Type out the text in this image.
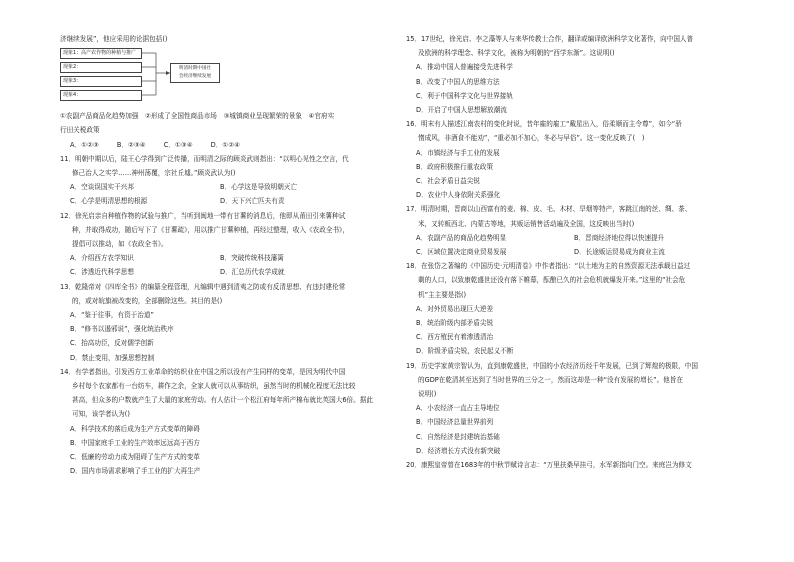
济继续发展”，他应采用的论据包括()
现象1：高产农作物的种植与推广
现象2：
现象3：
现象4：
明清时期中国社
会经济继续发展
①农副产品商品化趋势加强　②形成了全国性商品市场　③城镇商业呈现繁荣的景象　④官府实
行田关税政策
A．①②③	B．②③④	C．①③④	D．①②④
11．明朝中期以后，陆王心学得到广泛传播，而明清之际的顾炎武则指出：“以明心见性之空言，代
修己治人之实学……神州荡覆，宗社丘墟。”顾炎武认为()
A．空谈误国实干兴邦	B．心学这是导致明朝灭亡
C．心学是明清思想的根源	D．天下兴亡匹夫有责
12．徐光启亲自种植作物的试验与推广，当听到闽地一带有甘薯的消息后，他即从莆田引来薯种试
种，并取得成功，随后写下了《甘薯疏》，用以推广甘薯种植，再经过整理，收入《农政全书》，
提倡可以推动，如《农政全书》。
A．介绍西方农学知识	B．突破传统科技藩篱
C．涉透近代科学思想	D．汇总历代农学成就
13．乾隆帝对《四库全书》的编纂全程管理，凡编辑中遇到清夷之防或有反清思想、有违封建伦常
的，或对皖旗被改变的，全部删除这些。其目的是()
A．“鉴于往事，有资于治道”
B．“修书以遏邪说”，强化统治秩序
C．抬高功臣，反对儒学创新
D．禁止变用，加强思想控制
14．有学者指出，引发西方工业革命的纺织业在中国之所以没有产生同样的变革，是因为明代中国
乡村每个农家都有一台纺车，耕作之余，全家人就可以从事纺织，虽然当时的机械化程度无法比较
甚高，但众多的户数就产生了大量的家庭劳动。有人估计一个松江府每年所产棉布就比英国大6倍。据此
可知，该学者认为()
A．科学技术的落后成为生产方式变革的障碍
B．中国家庭手工业的生产效率远远高于西方
C．低廉的劳动力成为阻碍了生产方式的变革
D．国内市场需求影响了手工业的扩大再生产
15．17世纪，徐光启、李之藻等人与来华传教士合作，翻译或编译欧洲科学文化著作，向中国人普
及欧洲的科学理念、科学文化，被称为明朝的“西学东渐”。这说明()
A．推动中国人普遍接受先进科学
B．改变了中国人的思维方法
C．利于中国科学文化与世界接轨
D．开启了中国人思想解放潮流
16．明末有人描述江南农村的变化时说，昔年雇的雇工“戴星出入，俗柔顺而主令尊”，如今“骄
惰成风，非酒食不能劝”，“重必加不加心，冬必与早俗”。这一变化反映了(　)
A．市镇经济与手工业的发展
B．政府积极推行重农政策
C．社会矛盾日益尖锐
D．农业中人身依附关系强化
17．明清时期，晋商以山西富有的麦、棉、皮、毛、木材、旱烟等特产，客跳江南的丝、绸、茶、
米，又转贩西北、内蒙古等地，其贩运销售活动遍及全国，这反映出当时()
A．农副产品的商品化趋势明显	B．晋商经济地位得以快速提升
C．区域位置决定商业贸易发展	D．长途贩运贸易成为商业主流
18．在张岱之著编的《中国历史·元明清卷》中作者指出：“以土地为主的自然资源无法承载日益过
剩的人口，以致康乾盛世还没有落下帷幕，酝酿已久的社会危机就爆发开来。”这里的“社会危
机”主主要是指()
A．对外贸易出现巨大逆差
B．统治阶级内部矛盾尖锐
C．西方殖民有着渗透清治
D．阶级矛盾尖锐，农民起义不断
19．历史学家黄宗智认为，直到康乾盛世，中国的小农经济历经千年发展，已到了辉煌的极限，中国
的GDP在乾清甚至达到了当时世界的三分之一，然而这却是一种“没有发展的增长”。他旨在
说明()
A．小农经济一直占主导地位
B．中国经济总量世界前列
C．自然经济是封建统治基础
D．经济增长方式没有新突破
20．康熙皇帝曾在1683年的中秋节赋诗言志：“万里扶桑早挂弓，水军新指向门空。来庭岂为修文
